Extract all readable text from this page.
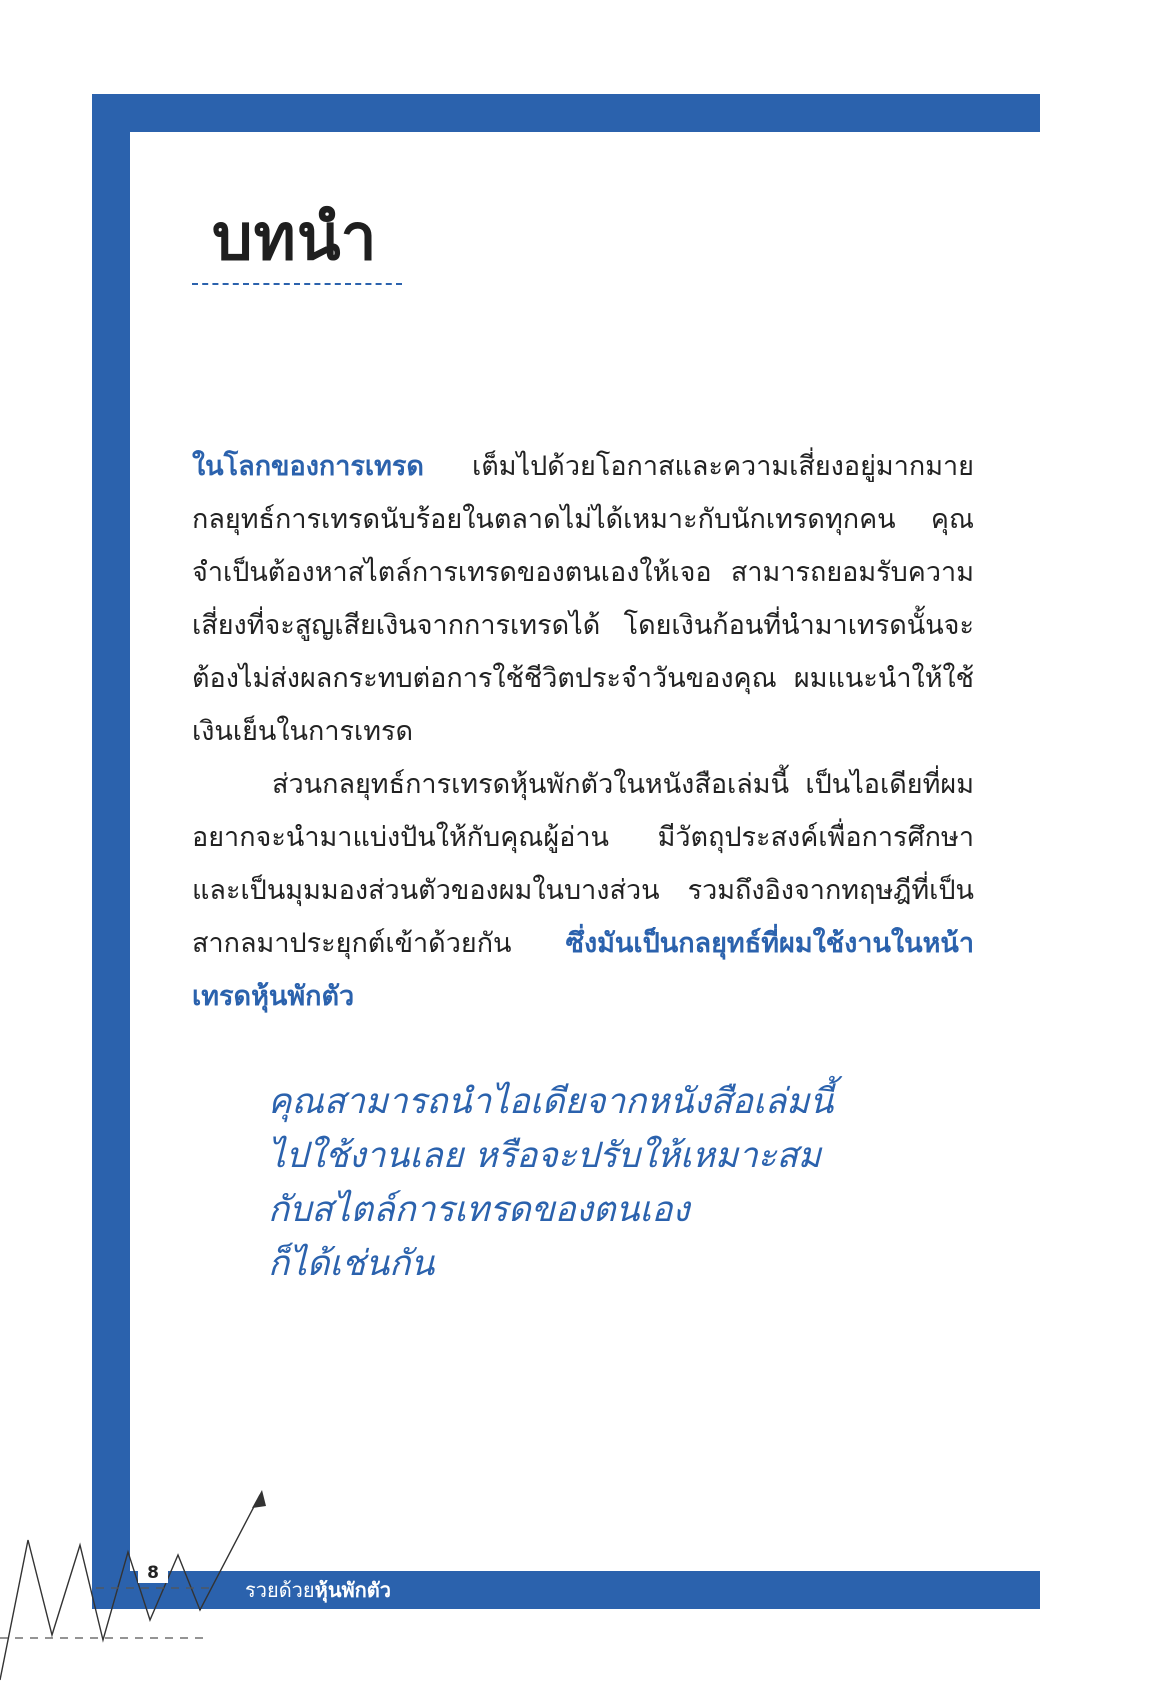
บทนำ

ในโลกของการเทรด เต็มไปด้วยโอกาสและความเสี่ยงอยู่มากมาย กลยุทธ์การเทรดนับร้อยในตลาดไม่ได้เหมาะกับนักเทรดทุกคน คุณจำเป็นต้องหาสไตล์การเทรดของตนเองให้เจอ สามารถยอมรับความเสี่ยงที่จะสูญเสียเงินจากการเทรดได้ โดยเงินก้อนที่นำมาเทรดนั้นจะต้องไม่ส่งผลกระทบต่อการใช้ชีวิตประจำวันของคุณ ผมแนะนำให้ใช้เงินเย็นในการเทรด

ส่วนกลยุทธ์การเทรดหุ้นพักตัวในหนังสือเล่มนี้ เป็นไอเดียที่ผมอยากจะนำมาแบ่งปันให้กับคุณผู้อ่าน มีวัตถุประสงค์เพื่อการศึกษาและเป็นมุมมองส่วนตัวของผมในบางส่วน รวมถึงอิงจากทฤษฎีที่เป็นสากลมาประยุกต์เข้าด้วยกัน ซึ่งมันเป็นกลยุทธ์ที่ผมใช้งานในหน้าเทรดหุ้นพักตัว

คุณสามารถนำไอเดียจากหนังสือเล่มนี้
ไปใช้งานเลย หรือจะปรับให้เหมาะสม
กับสไตล์การเทรดของตนเอง
ก็ได้เช่นกัน
8
รวยด้วยหุ้นพักตัว
